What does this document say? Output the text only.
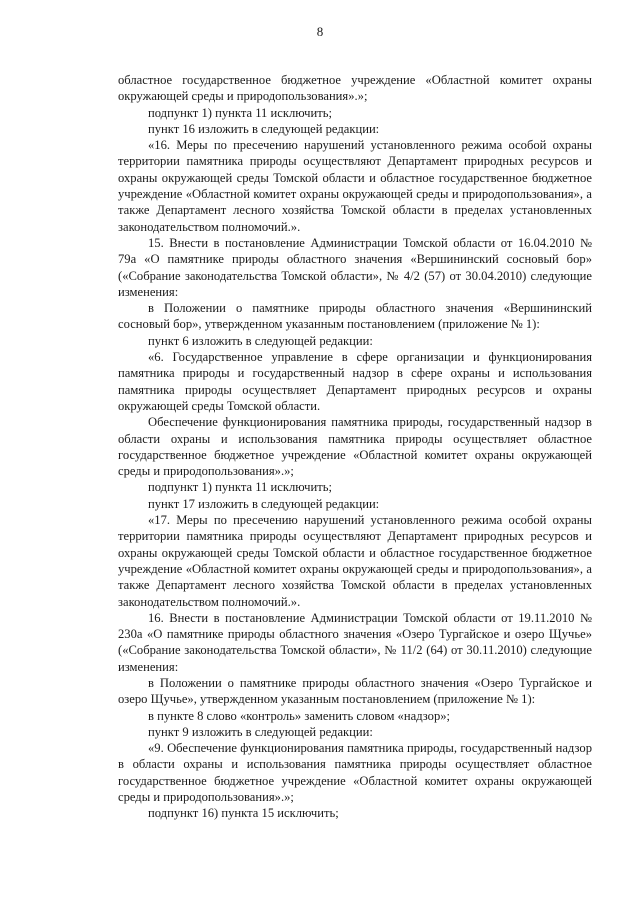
8

областное государственное бюджетное учреждение «Областной комитет охраны окружающей среды и природопользования».»;

подпункт 1) пункта 11 исключить;

пункт 16 изложить в следующей редакции:

«16. Меры по пресечению нарушений установленного режима особой охраны территории памятника природы осуществляют Департамент природных ресурсов и охраны окружающей среды Томской области и областное государственное бюджетное учреждение «Областной комитет охраны окружающей среды и природопользования», а также Департамент лесного хозяйства Томской области в пределах установленных законодательством полномочий.».

15. Внести в постановление Администрации Томской области от 16.04.2010 № 79а «О памятнике природы областного значения «Вершининский сосновый бор» («Собрание законодательства Томской области», № 4/2 (57) от 30.04.2010) следующие изменения:

в Положении о памятнике природы областного значения «Вершининский сосновый бор», утвержденном указанным постановлением (приложение № 1):

пункт 6 изложить в следующей редакции:

«6. Государственное управление в сфере организации и функционирования памятника природы и государственный надзор в сфере охраны и использования памятника природы осуществляет Департамент природных ресурсов и охраны окружающей среды Томской области.

Обеспечение функционирования памятника природы, государственный надзор в области охраны и использования памятника природы осуществляет областное государственное бюджетное учреждение «Областной комитет охраны окружающей среды и природопользования».»;

подпункт 1) пункта 11 исключить;

пункт 17 изложить в следующей редакции:

«17. Меры по пресечению нарушений установленного режима особой охраны территории памятника природы осуществляют Департамент природных ресурсов и охраны окружающей среды Томской области и областное государственное бюджетное учреждение «Областной комитет охраны окружающей среды и природопользования», а также Департамент лесного хозяйства Томской области в пределах установленных законодательством полномочий.».

16. Внести в постановление Администрации Томской области от 19.11.2010 № 230а «О памятнике природы областного значения «Озеро Тургайское и озеро Щучье» («Собрание законодательства Томской области», № 11/2 (64) от 30.11.2010) следующие изменения:

в Положении о памятнике природы областного значения «Озеро Тургайское и озеро Щучье», утвержденном указанным постановлением (приложение № 1):

в пункте 8 слово «контроль» заменить словом «надзор»;

пункт 9 изложить в следующей редакции:

«9. Обеспечение функционирования памятника природы, государственный надзор в области охраны и использования памятника природы осуществляет областное государственное бюджетное учреждение «Областной комитет охраны окружающей среды и природопользования».»;

подпункт 16) пункта 15 исключить;
